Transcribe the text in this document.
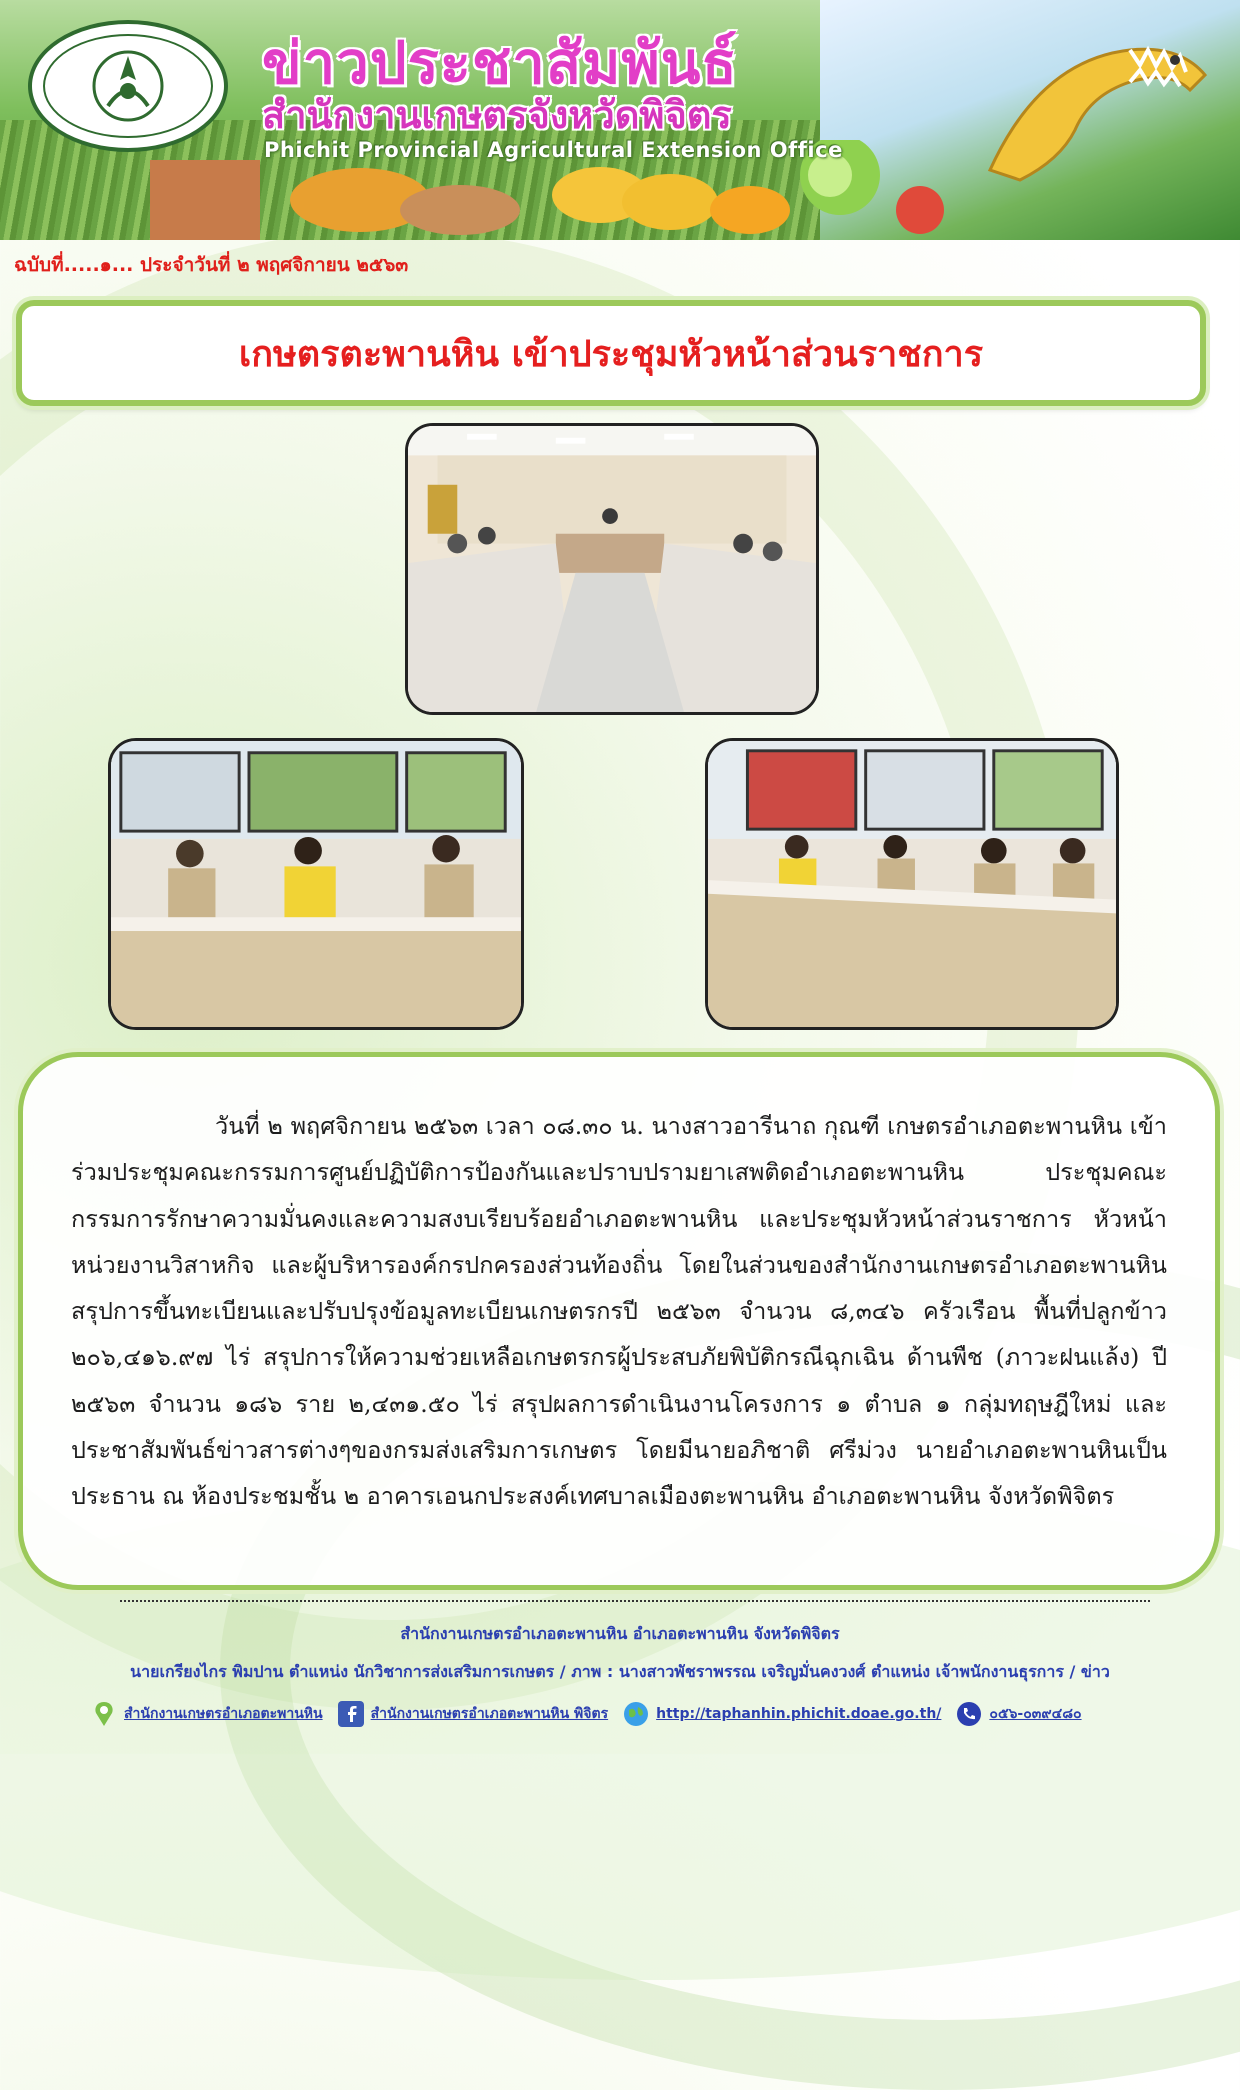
ข่าวประชาสัมพันธ์
สำนักงานเกษตรจังหวัดพิจิตร
Phichit Provincial Agricultural Extension Office
ฉบับที่.....๑... ประจำวันที่ ๒ พฤศจิกายน ๒๕๖๓
เกษตรตะพานหิน เข้าประชุมหัวหน้าส่วนราชการ

วันที่ ๒ พฤศจิกายน ๒๕๖๓ เวลา ๐๘.๓๐ น. นางสาวอารีนาถ กุณฑี เกษตรอำเภอตะพานหิน เข้าร่วมประชุมคณะกรรมการศูนย์ปฏิบัติการป้องกันและปราบปรามยาเสพติดอำเภอตะพานหิน ประชุมคณะกรรมการรักษาความมั่นคงและความสงบเรียบร้อยอำเภอตะพานหิน และประชุมหัวหน้าส่วนราชการ หัวหน้าหน่วยงานวิสาหกิจ และผู้บริหารองค์กรปกครองส่วนท้องถิ่น โดยในส่วนของสำนักงานเกษตรอำเภอตะพานหิน สรุปการขึ้นทะเบียนและปรับปรุงข้อมูลทะเบียนเกษตรกรปี ๒๕๖๓ จำนวน ๘,๓๔๖ ครัวเรือน พื้นที่ปลูกข้าว ๒๐๖,๔๑๖.๙๗ ไร่ สรุปการให้ความช่วยเหลือเกษตรกรผู้ประสบภัยพิบัติกรณีฉุกเฉิน ด้านพืช (ภาวะฝนแล้ง) ปี ๒๕๖๓ จำนวน ๑๘๖ ราย ๒,๔๓๑.๕๐ ไร่ สรุปผลการดำเนินงานโครงการ ๑ ตำบล ๑ กลุ่มทฤษฎีใหม่ และประชาสัมพันธ์ข่าวสารต่างๆของกรมส่งเสริมการเกษตร โดยมีนายอภิชาติ ศรีม่วง นายอำเภอตะพานหินเป็นประธาน ณ ห้องประชมชั้น ๒ อาคารเอนกประสงค์เทศบาลเมืองตะพานหิน อำเภอตะพานหิน จังหวัดพิจิตร

สำนักงานเกษตรอำเภอตะพานหิน อำเภอตะพานหิน จังหวัดพิจิตร
นายเกรียงไกร พิมปาน ตำแหน่ง นักวิชาการส่งเสริมการเกษตร / ภาพ : นางสาวพัชราพรรณ เจริญมั่นคงวงศ์ ตำแหน่ง เจ้าพนักงานธุรการ / ข่าว
สำนักงานเกษตรอำเภอตะพานหิน	สำนักงานเกษตรอำเภอตะพานหิน พิจิตร	http://taphanhin.phichit.doae.go.th/	๐๕๖-๐๓๙๔๘๐
